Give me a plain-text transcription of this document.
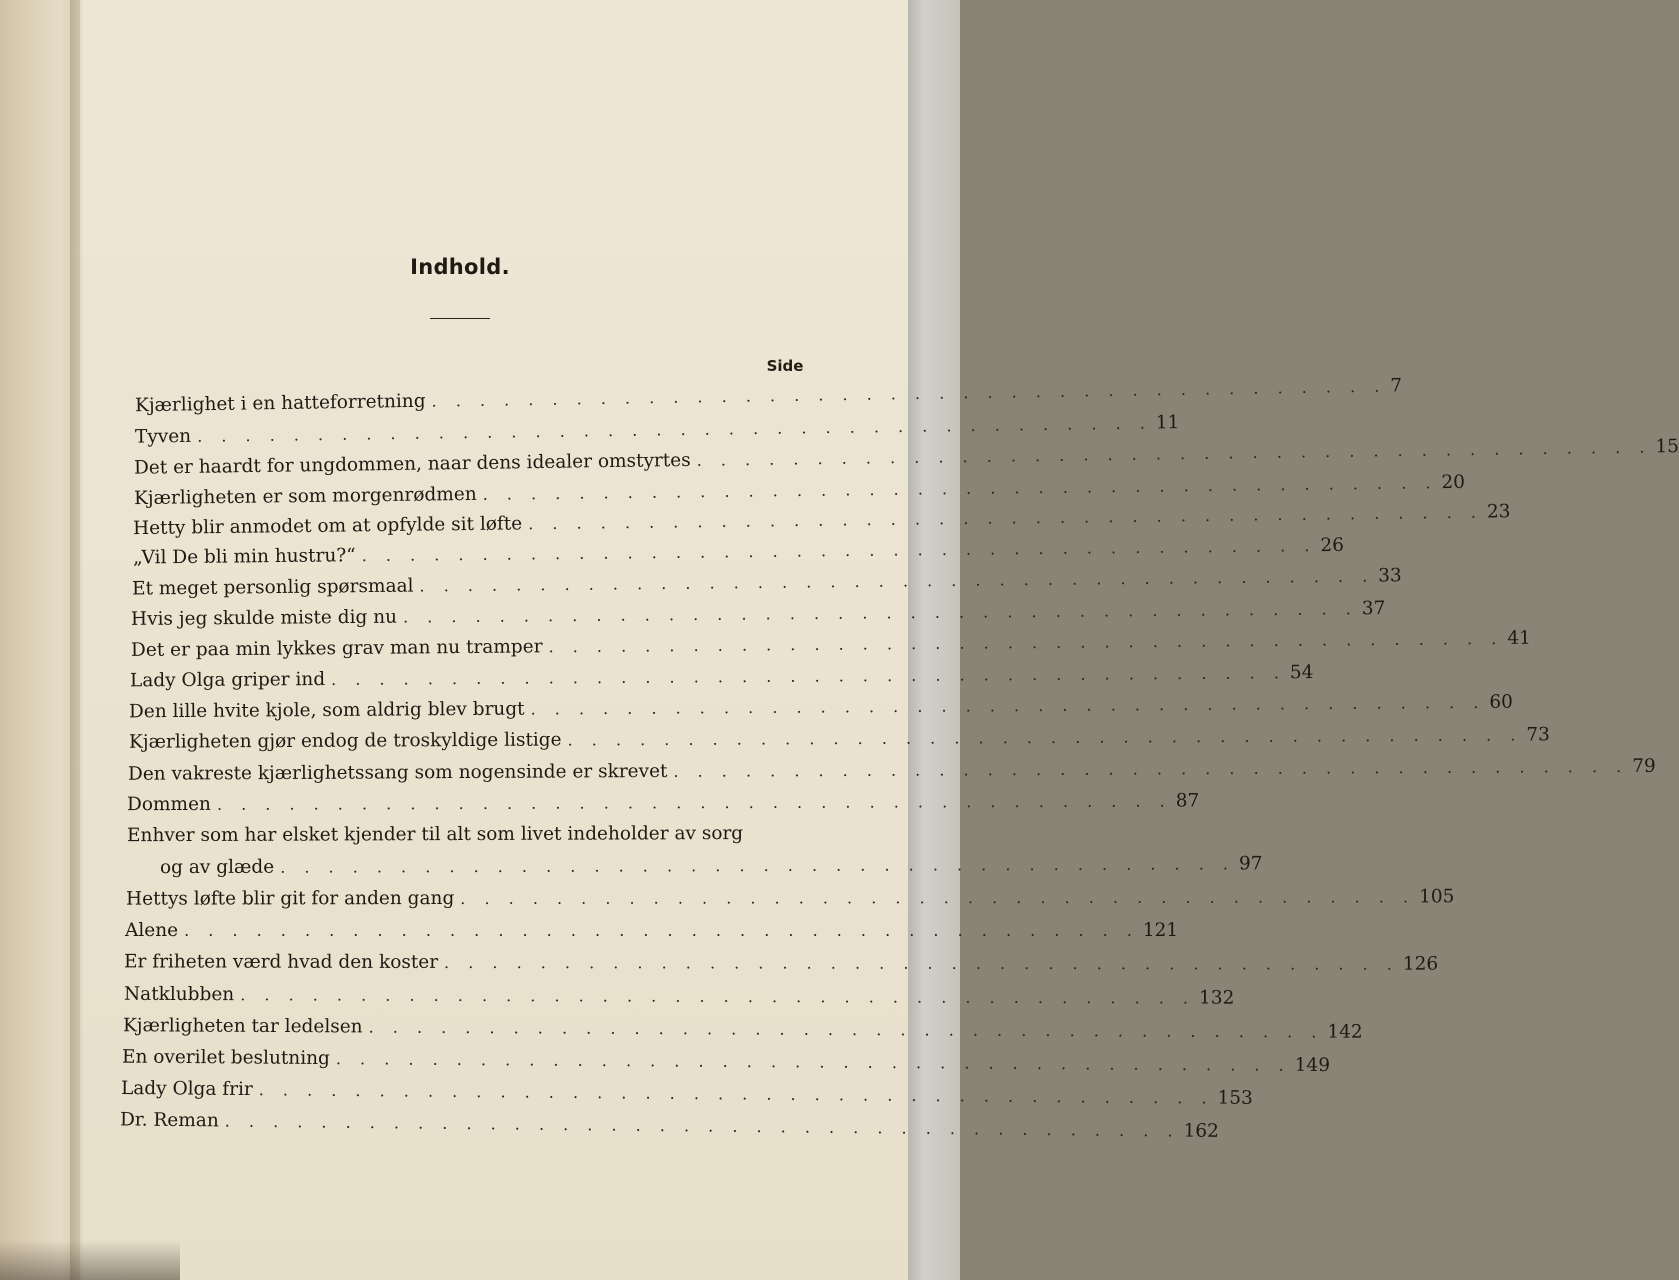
Indhold.
Side
Kjærlighet i en hatteforretning . . . . . . . . . . . . . . . . . . . . . . . . . . . . . . . . . . . . . . . . 7
Tyven . . . . . . . . . . . . . . . . . . . . . . . . . . . . . . . . . . . . . . . . 11
Det er haardt for ungdommen, naar dens idealer omstyrtes . . . . . . . . . . . . . . . . . . . . . . . . . . . . . . . . . . . . . . . . 15
Kjærligheten er som morgenrødmen . . . . . . . . . . . . . . . . . . . . . . . . . . . . . . . . . . . . . . . . 20
Hetty blir anmodet om at opfylde sit løfte . . . . . . . . . . . . . . . . . . . . . . . . . . . . . . . . . . . . . . . . 23
„Vil De bli min hustru?“ . . . . . . . . . . . . . . . . . . . . . . . . . . . . . . . . . . . . . . . . 26
Et meget personlig spørsmaal . . . . . . . . . . . . . . . . . . . . . . . . . . . . . . . . . . . . . . . . 33
Hvis jeg skulde miste dig nu . . . . . . . . . . . . . . . . . . . . . . . . . . . . . . . . . . . . . . . . 37
Det er paa min lykkes grav man nu tramper . . . . . . . . . . . . . . . . . . . . . . . . . . . . . . . . . . . . . . . . 41
Lady Olga griper ind . . . . . . . . . . . . . . . . . . . . . . . . . . . . . . . . . . . . . . . . 54
Den lille hvite kjole, som aldrig blev brugt . . . . . . . . . . . . . . . . . . . . . . . . . . . . . . . . . . . . . . . . 60
Kjærligheten gjør endog de troskyldige listige . . . . . . . . . . . . . . . . . . . . . . . . . . . . . . . . . . . . . . . . 73
Den vakreste kjærlighetssang som nogensinde er skrevet . . . . . . . . . . . . . . . . . . . . . . . . . . . . . . . . . . . . . . . . 79
Dommen . . . . . . . . . . . . . . . . . . . . . . . . . . . . . . . . . . . . . . . . 87
Enhver som har elsket kjender til alt som livet indeholder av sorg
og av glæde . . . . . . . . . . . . . . . . . . . . . . . . . . . . . . . . . . . . . . . . 97
Hettys løfte blir git for anden gang . . . . . . . . . . . . . . . . . . . . . . . . . . . . . . . . . . . . . . . . 105
Alene . . . . . . . . . . . . . . . . . . . . . . . . . . . . . . . . . . . . . . . . 121
Er friheten værd hvad den koster . . . . . . . . . . . . . . . . . . . . . . . . . . . . . . . . . . . . . . . . 126
Natklubben . . . . . . . . . . . . . . . . . . . . . . . . . . . . . . . . . . . . . . . . 132
Kjærligheten tar ledelsen . . . . . . . . . . . . . . . . . . . . . . . . . . . . . . . . . . . . . . . . 142
En overilet beslutning . . . . . . . . . . . . . . . . . . . . . . . . . . . . . . . . . . . . . . . . 149
Lady Olga frir . . . . . . . . . . . . . . . . . . . . . . . . . . . . . . . . . . . . . . . . 153
Dr. Reman . . . . . . . . . . . . . . . . . . . . . . . . . . . . . . . . . . . . . . . . 162
